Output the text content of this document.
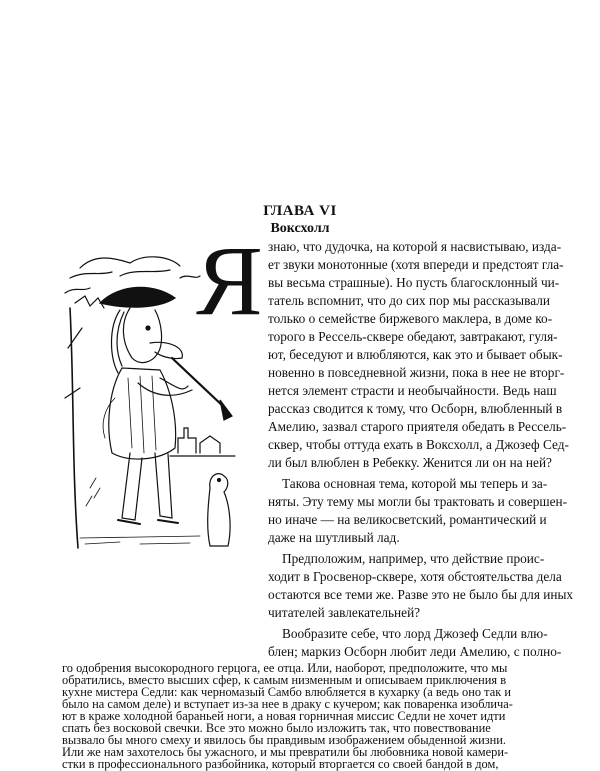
ГЛАВА VI
Воксхолл
Я знаю, что дудочка, на которой я насвистываю, изда-
ет звуки монотонные (хотя впереди и предстоят гла-
вы весьма страшные). Но пусть благосклонный чи-
татель вспомнит, что до сих пор мы рассказывали
только о семействе биржевого маклера, в доме ко-
торого в Рессель-сквере обедают, завтракают, гуля-
ют, беседуют и влюбляются, как это и бывает обык-
новенно в повседневной жизни, пока в нее не вторг-
нется элемент страсти и необычайности. Ведь наш
рассказ сводится к тому, что Осборн, влюбленный в
Амелию, зазвал старого приятеля обедать в Рессель-
сквер, чтобы оттуда ехать в Воксхолл, а Джозеф Сед-
ли был влюблен в Ребекку. Женится ли он на ней?
Такова основная тема, которой мы теперь и за-
няты. Эту тему мы могли бы трактовать и совершен-
но иначе — на великосветский, романтический и
даже на шутливый лад.
Предположим, например, что действие проис-
ходит в Гросвенор-сквере, хотя обстоятельства дела
остаются все теми же. Разве это не было бы для иных
читателей завлекательней?
Вообразите себе, что лорд Джозеф Седли влю-
блен; маркиз Осборн любит леди Амелию, с полно-
го одобрения высокородного герцога, ее отца. Или, наоборот, предположите, что мы
обратились, вместо высших сфер, к самым низменным и описываем приключения в
кухне мистера Седли: как черномазый Самбо влюбляется в кухарку (а ведь оно так и
было на самом деле) и вступает из-за нее в драку с кучером; как поваренка изоблича-
ют в краже холодной бараньей ноги, а новая горничная миссис Седли не хочет идти
спать без восковой свечки. Все это можно было изложить так, что повествование
вызвало бы много смеху и явилось бы правдивым изображением обыденной жизни.
Или же нам захотелось бы ужасного, и мы превратили бы любовника новой камери-
стки в профессионального разбойника, который вторгается со своей бандой в дом,
